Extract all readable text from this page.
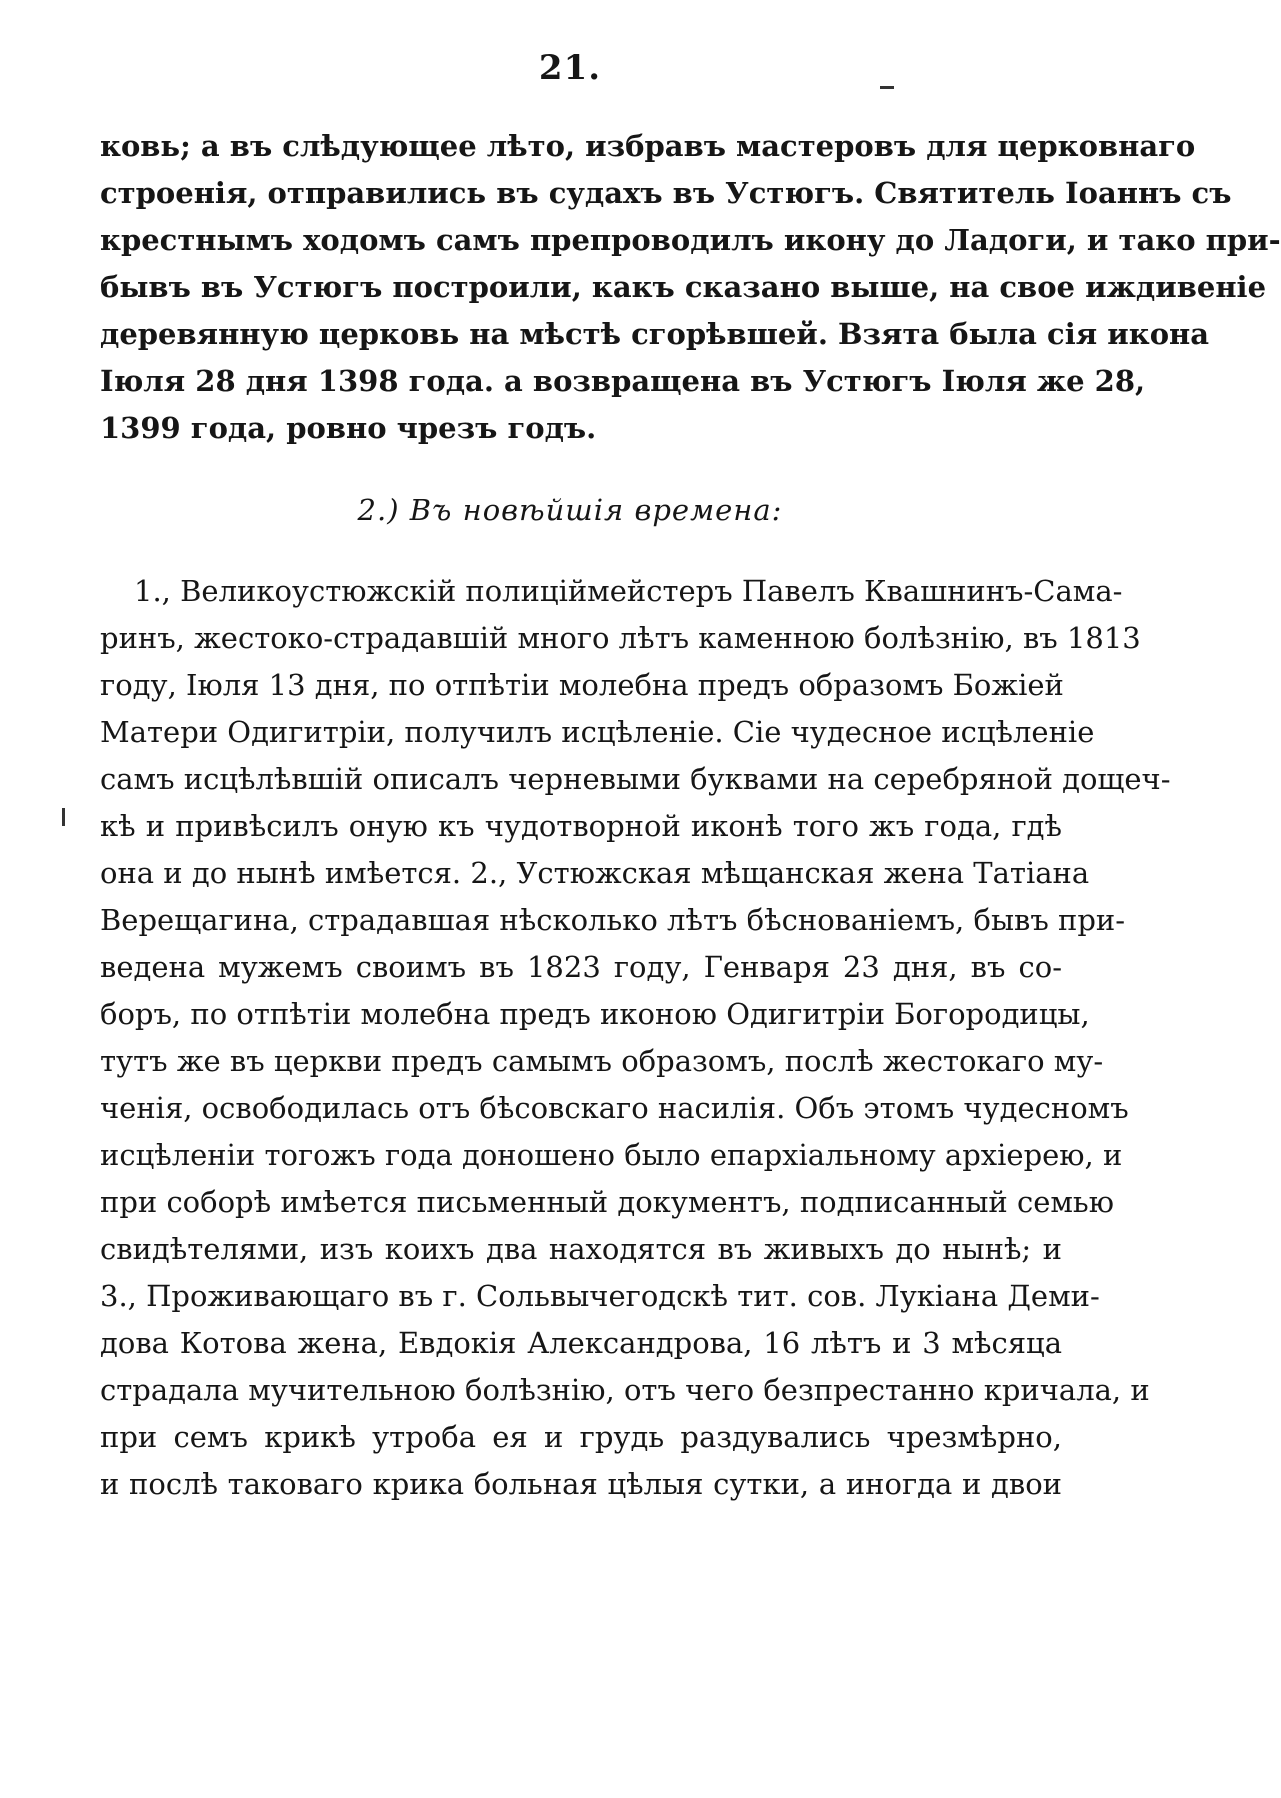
21.
ковь; а въ слѣдующее лѣто, избравъ мастеровъ для церковнаго
строенія, отправились въ судахъ въ Устюгъ. Святитель Іоаннъ съ
крестнымъ ходомъ самъ препроводилъ икону до Ладоги, и тако при-
бывъ въ Устюгъ построили, какъ сказано выше, на свое иждивеніе
деревянную церковь на мѣстѣ сгорѣвшей. Взята была сія икона
Іюля 28 дня 1398 года. а возвращена въ Устюгъ Іюля же 28,
1399 года, ровно чрезъ годъ.
2.) Въ новѣйшія времена:
1., Великоустюжскій полицiймейстеръ Павелъ Квашнинъ-Сама-
ринъ, жестоко-страдавшій много лѣтъ каменною болѣзнію, въ 1813
году, Іюля 13 дня, по отпѣтіи молебна предъ образомъ Божіей
Матери Одигитріи, получилъ исцѣленіе. Сіе чудесное исцѣленіе
самъ исцѣлѣвшій описалъ черневыми буквами на серебряной дощеч-
кѣ и привѣсилъ оную къ чудотворной иконѣ того жъ года, гдѣ
она и до нынѣ имѣется. 2., Устюжская мѣщанская жена Татіана
Верещагина, страдавшая нѣсколько лѣтъ бѣснованіемъ, бывъ при-
ведена мужемъ своимъ въ 1823 году, Генваря 23 дня, въ со-
боръ, по отпѣтіи молебна предъ иконою Одигитріи Богородицы,
тутъ же въ церкви предъ самымъ образомъ, послѣ жестокаго му-
ченія, освободилась отъ бѣсовскаго насилія. Объ этомъ чудесномъ
исцѣленіи тогожъ года доношено было епархіальному архіерею, и
при соборѣ имѣется письменный документъ, подписанный семью
свидѣтелями, изъ коихъ два находятся въ живыхъ до нынѣ; и
3., Проживающаго въ г. Сольвычегодскѣ тит. сов. Лукіана Деми-
дова Котова жена, Евдокія Александрова, 16 лѣтъ и 3 мѣсяца
страдала мучительною болѣзнію, отъ чего безпрестанно кричала, и
при семъ крикѣ утроба ея и грудь раздувались чрезмѣрно,
и послѣ таковаго крика больная цѣлыя сутки, а иногда и двои
